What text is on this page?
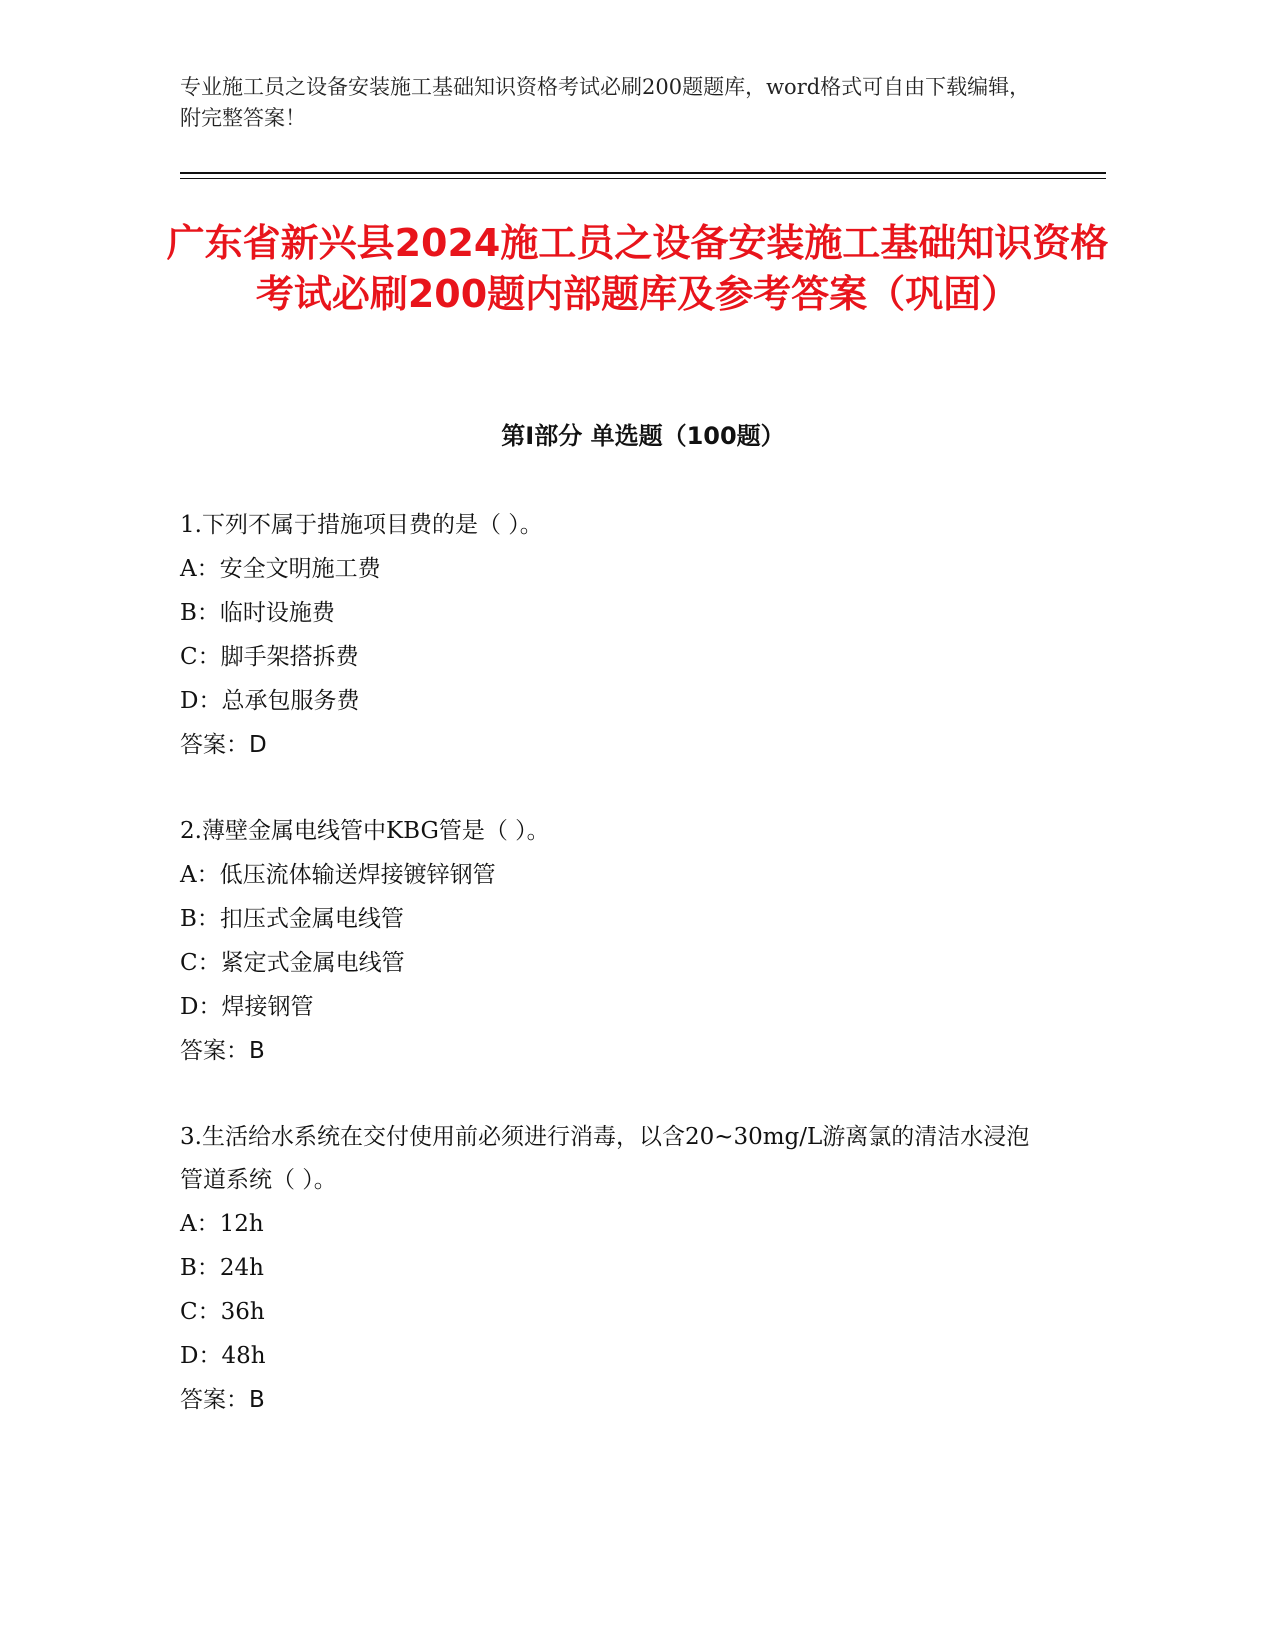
专业施工员之设备安装施工基础知识资格考试必刷200题题库，word格式可自由下载编辑，附完整答案！
广东省新兴县2024施工员之设备安装施工基础知识资格考试必刷200题内部题库及参考答案（巩固）
第Ⅰ部分 单选题（100题）
1.下列不属于措施项目费的是（ ）。
A：安全文明施工费
B：临时设施费
C：脚手架搭拆费
D：总承包服务费
答案：D
2.薄壁金属电线管中KBG管是（ ）。
A：低压流体输送焊接镀锌钢管
B：扣压式金属电线管
C：紧定式金属电线管
D：焊接钢管
答案：B
3.生活给水系统在交付使用前必须进行消毒，以含20~30mg/L游离氯的清洁水浸泡管道系统（ ）。
A：12h
B：24h
C：36h
D：48h
答案：B
